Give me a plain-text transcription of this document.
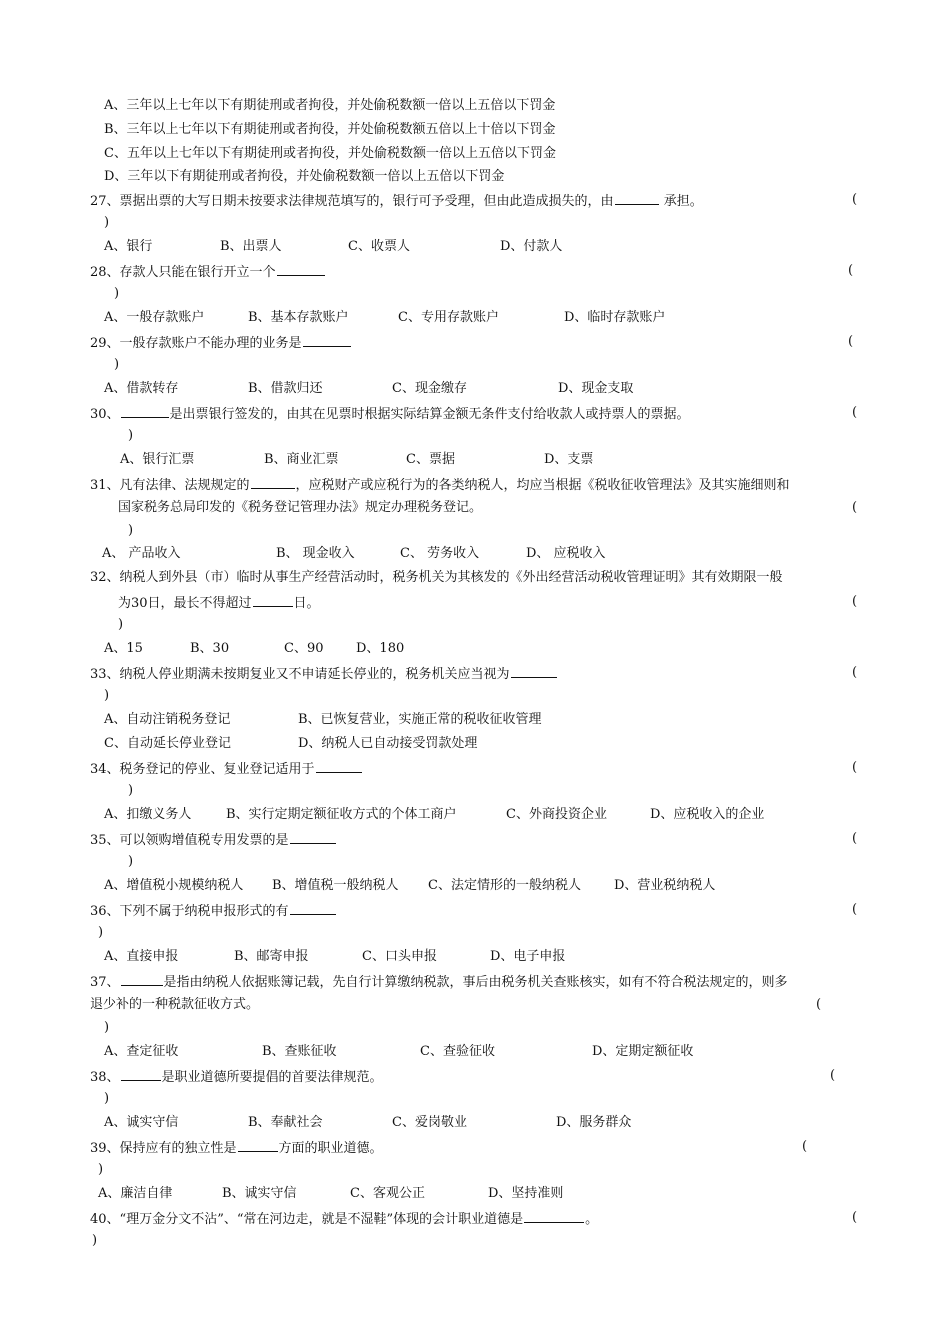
A、三年以上七年以下有期徒刑或者拘役，并处偷税数额一倍以上五倍以下罚金
B、三年以上七年以下有期徒刑或者拘役，并处偷税数额五倍以上十倍以下罚金
C、五年以上七年以下有期徒刑或者拘役，并处偷税数额一倍以上五倍以下罚金
D、三年以下有期徒刑或者拘役，并处偷税数额一倍以上五倍以下罚金
27、票据出票的大写日期未按要求法律规范填写的，银行可予受理，但由此造成损失的，由	承担。	(
)
A、银行	B、出票人	C、收票人	D、付款人
28、存款人只能在银行开立一个	(
)
A、一般存款账户	B、基本存款账户	C、专用存款账户	D、临时存款账户
29、一般存款账户不能办理的业务是	(
)
A、借款转存	B、借款归还	C、现金缴存	D、现金支取
30、	是出票银行签发的，由其在见票时根据实际结算金额无条件支付给收款人或持票人的票据。	(
)
A、银行汇票	B、商业汇票	C、票据	D、支票
31、凡有法律、法规规定的	，应税财产或应税行为的各类纳税人，均应当根据《税收征收管理法》及其实施细则和
国家税务总局印发的《税务登记管理办法》规定办理税务登记。	(
)
A、 产品收入	B、 现金收入	C、 劳务收入	D、 应税收入
32、纳税人到外县（市）临时从事生产经营活动时，税务机关为其核发的《外出经营活动税收管理证明》其有效期限一般
为30日，最长不得超过	日。	(
)
A、15	B、30	C、90	D、180
33、纳税人停业期满未按期复业又不申请延长停业的，税务机关应当视为	(
)
A、自动注销税务登记	B、已恢复营业，实施正常的税收征收管理
C、自动延长停业登记	D、纳税人已自动接受罚款处理
34、税务登记的停业、复业登记适用于	(
)
A、扣缴义务人	B、实行定期定额征收方式的个体工商户	C、外商投资企业	D、应税收入的企业
35、可以领购增值税专用发票的是	(
)
A、增值税小规模纳税人 B、增值税一般纳税人 C、法定情形的一般纳税人	D、营业税纳税人
36、下列不属于纳税申报形式的有	(
)
A、直接申报	B、邮寄申报	C、口头申报	D、电子申报
37、	是指由纳税人依据账簿记载，先自行计算缴纳税款，事后由税务机关查账核实，如有不符合税法规定的，则多
退少补的一种税款征收方式。	(
)
A、查定征收	B、查账征收	C、查验征收	D、定期定额征收
38、	是职业道德所要提倡的首要法律规范。	(
)
A、诚实守信	B、奉献社会	C、爱岗敬业	D、服务群众
39、保持应有的独立性是	方面的职业道德。	(
)
A、廉洁自律	B、诚实守信	C、客观公正	D、坚持准则
40、“理万金分文不沾”、“常在河边走，就是不湿鞋”体现的会计职业道德是	。	(
)
